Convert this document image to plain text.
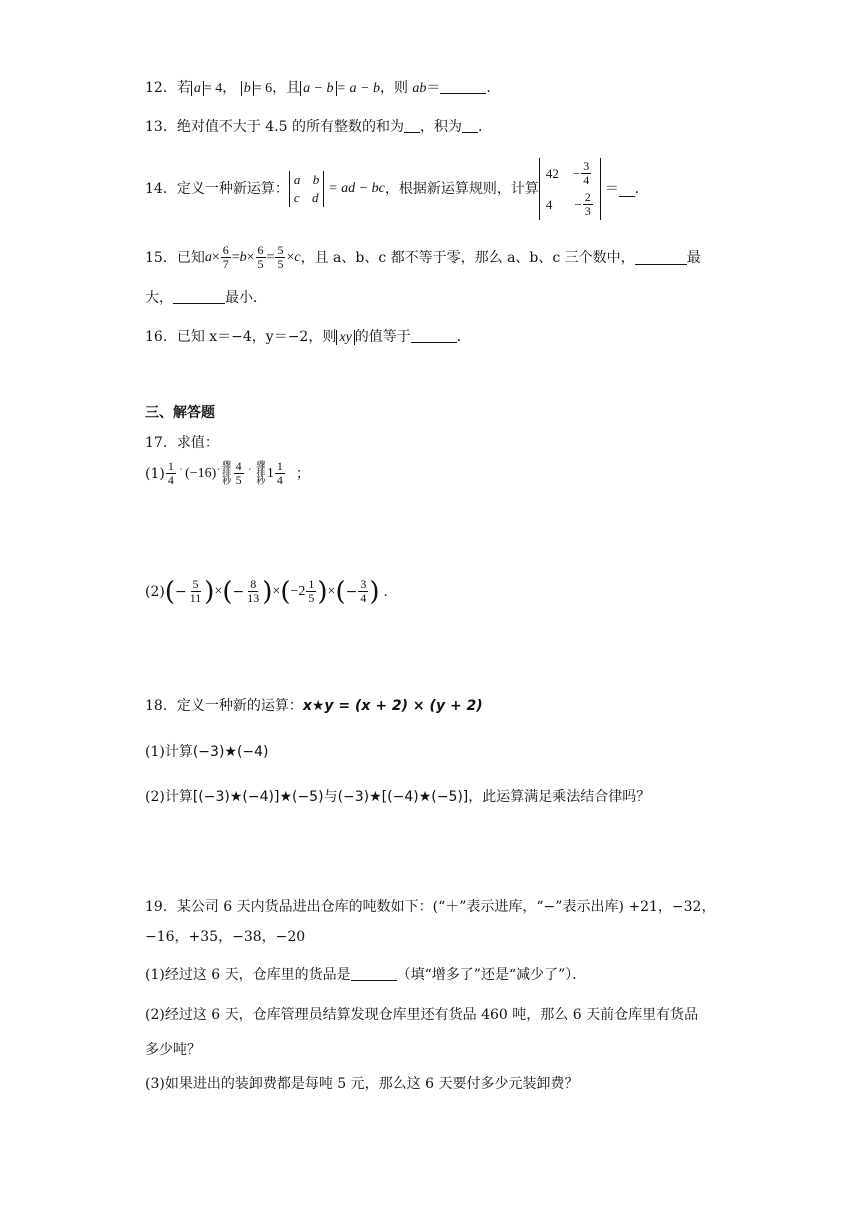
12．若 a = 4， b = 6，且 a − b = a − b，则 ab＝	．
13．绝对值不大于 4.5 的所有整数的和为 ，积为 ．
14．定义一种新运算：
a b
c d
= ad − bc ，根据新运算规则，计算
$42 - \frac{3}{4}$
$4 - \frac{2}{3}$
＝ ．
15．已知 $a \times \frac{6}{7} = b \times \frac{6}{5} = \frac{5}{5} \times c$ ，且 a、b、c 都不等于零，那么 a、b、c 三个数中，	最
大，	最小．
16．已知 x＝−4，y＝−2，则 xy 的值等于	．
三、解答题
17．求值：
$(1) \frac{1}{4}$ ′ (−16) ′
骤
排
秒 $\frac{4}{5}$ ′
骤
排
秒
$1 \frac{1}{4}$ ；
(2) ( − $\frac{5}{11}$ ) × ( − $\frac{8}{13}$ ) × ( $-2 \frac{1}{5}$ ) × ( − $\frac{3}{4}$ ) ．
18．定义一种新的运算：x★y = (x + 2) × (y + 2)
(1)计算(−3)★(−4)
(2)计算[(−3)★(−4)]★(−5)与(−3)★[(−4)★(−5)]，此运算满足乘法结合律吗？
19．某公司 6 天内货品进出仓库的吨数如下：(“＋”表示进库，“−”表示出库) +21，−32，
−16，+35，−38，−20
(1)经过这 6 天，仓库里的货品是	（填“增多了”还是“减少了”）．
(2)经过这 6 天，仓库管理员结算发现仓库里还有货品 460 吨，那么 6 天前仓库里有货品
多少吨？
(3)如果进出的装卸费都是每吨 5 元，那么这 6 天要付多少元装卸费？
